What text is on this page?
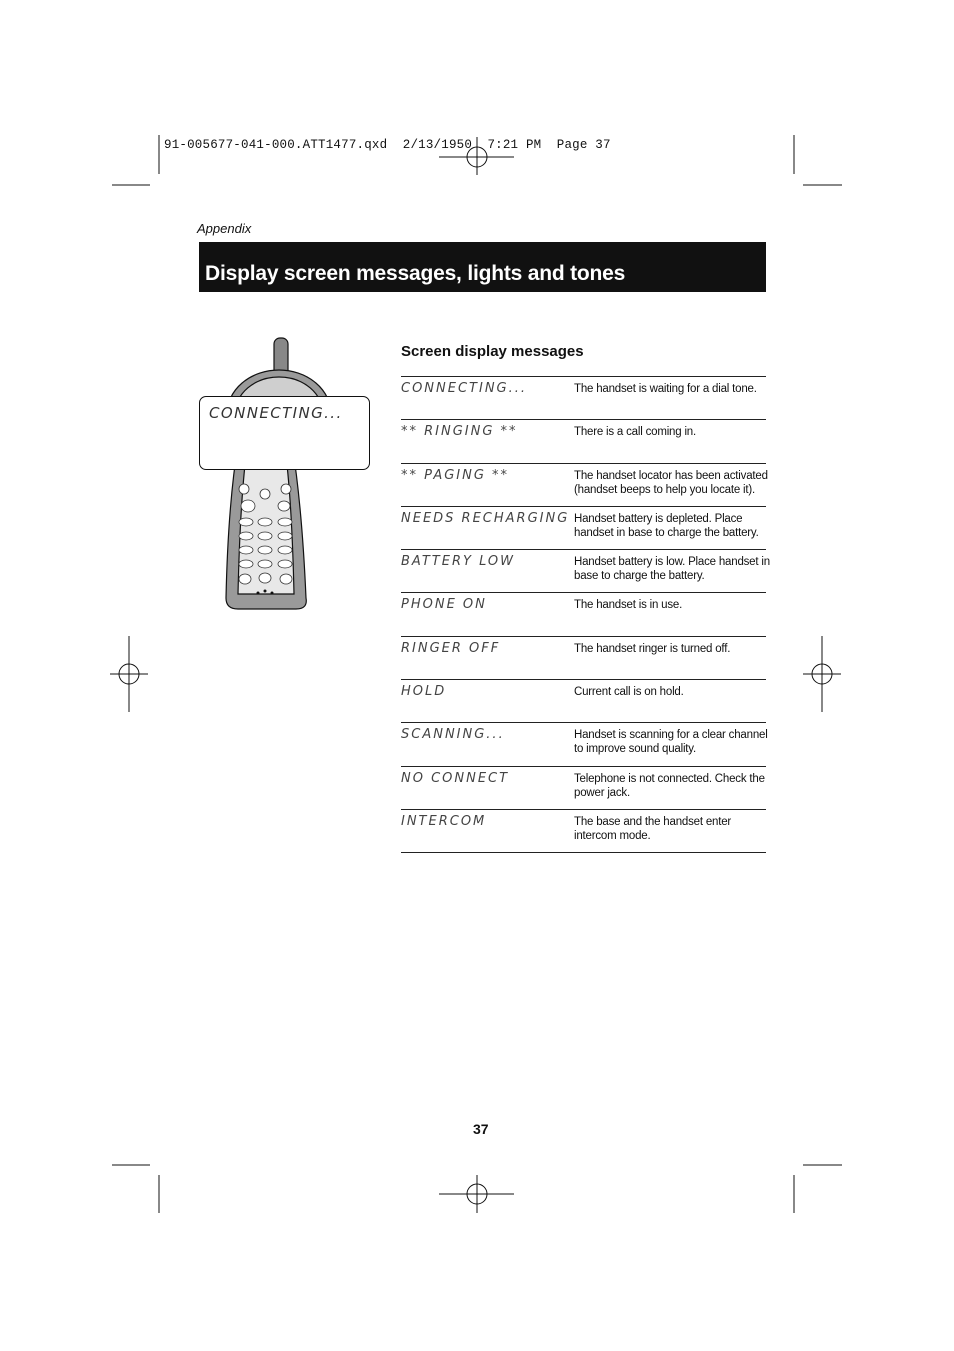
91-005677-041-000.ATT1477.qxd  2/13/1950  7:21 PM  Page 37
Appendix
Display screen messages, lights and tones
CONNECTING...
Screen display messages
CONNECTING...	The handset is waiting for a dial tone.
** RINGING **	There is a call coming in.
** PAGING **	The handset locator has been activated (handset beeps to help you locate it).
NEEDS RECHARGING Handset battery is depleted. Place handset in base to charge the battery.
BATTERY LOW	Handset battery is low. Place handset in base to charge the battery.
PHONE ON	The handset is in use.
RINGER OFF	The handset ringer is turned off.
HOLD	Current call is on hold.
SCANNING...	Handset is scanning for a clear channel to improve sound quality.
NO CONNECT	Telephone is not connected. Check the power jack.
INTERCOM	The base and the handset enter intercom mode.
37
